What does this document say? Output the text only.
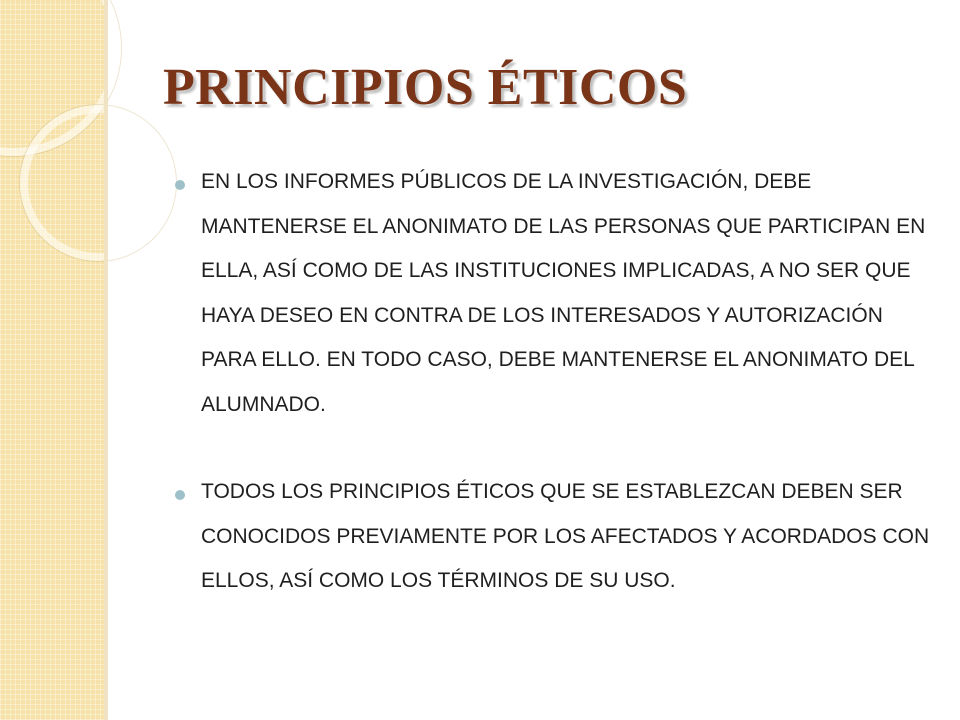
PRINCIPIOS ÉTICOS
EN LOS INFORMES PÚBLICOS DE LA INVESTIGACIÓN, DEBE MANTENERSE EL ANONIMATO DE LAS PERSONAS QUE PARTICIPAN EN ELLA, ASÍ COMO DE LAS INSTITUCIONES IMPLICADAS, A NO SER QUE HAYA DESEO EN CONTRA DE LOS INTERESADOS Y AUTORIZACIÓN PARA ELLO. EN TODO CASO, DEBE MANTENERSE EL ANONIMATO DEL ALUMNADO.
TODOS LOS PRINCIPIOS ÉTICOS QUE SE ESTABLEZCAN DEBEN SER CONOCIDOS PREVIAMENTE POR LOS AFECTADOS Y ACORDADOS CON ELLOS, ASÍ COMO LOS TÉRMINOS DE SU USO.
